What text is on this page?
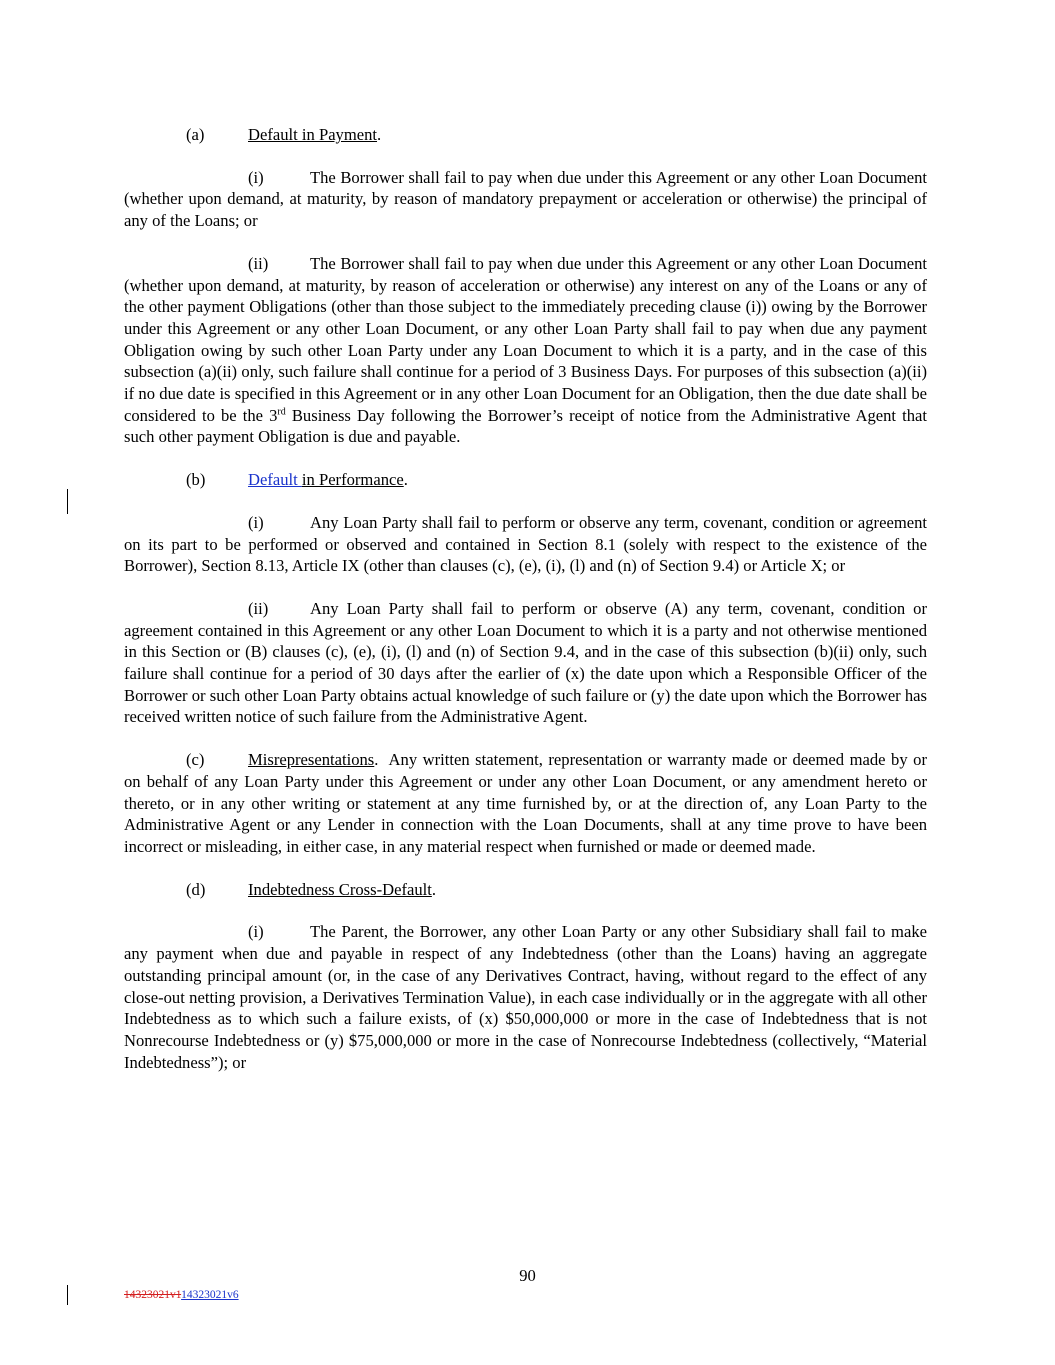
(a)	Default in Payment.

(i)	The Borrower shall fail to pay when due under this Agreement or any other Loan Document (whether upon demand, at maturity, by reason of mandatory prepayment or acceleration or otherwise) the principal of any of the Loans; or

(ii)	The Borrower shall fail to pay when due under this Agreement or any other Loan Document (whether upon demand, at maturity, by reason of acceleration or otherwise) any interest on any of the Loans or any of the other payment Obligations (other than those subject to the immediately preceding clause (i)) owing by the Borrower under this Agreement or any other Loan Document, or any other Loan Party shall fail to pay when due any payment Obligation owing by such other Loan Party under any Loan Document to which it is a party, and in the case of this subsection (a)(ii) only, such failure shall continue for a period of 3 Business Days. For purposes of this subsection (a)(ii) if no due date is specified in this Agreement or in any other Loan Document for an Obligation, then the due date shall be considered to be the 3rd Business Day following the Borrower’s receipt of notice from the Administrative Agent that such other payment Obligation is due and payable.

(b)	Default in Performance.

(i)	Any Loan Party shall fail to perform or observe any term, covenant, condition or agreement on its part to be performed or observed and contained in Section 8.1 (solely with respect to the existence of the Borrower), Section 8.13, Article IX (other than clauses (c), (e), (i), (l) and (n) of Section 9.4) or Article X; or

(ii)	Any Loan Party shall fail to perform or observe (A) any term, covenant, condition or agreement contained in this Agreement or any other Loan Document to which it is a party and not otherwise mentioned in this Section or (B) clauses (c), (e), (i), (l) and (n) of Section 9.4, and in the case of this subsection (b)(ii) only, such failure shall continue for a period of 30 days after the earlier of (x) the date upon which a Responsible Officer of the Borrower or such other Loan Party obtains actual knowledge of such failure or (y) the date upon which the Borrower has received written notice of such failure from the Administrative Agent.

(c)	Misrepresentations.  Any written statement, representation or warranty made or deemed made by or on behalf of any Loan Party under this Agreement or under any other Loan Document, or any amendment hereto or thereto, or in any other writing or statement at any time furnished by, or at the direction of, any Loan Party to the Administrative Agent or any Lender in connection with the Loan Documents, shall at any time prove to have been incorrect or misleading, in either case, in any material respect when furnished or made or deemed made.

(d)	Indebtedness Cross-Default.

(i)	The Parent, the Borrower, any other Loan Party or any other Subsidiary shall fail to make any payment when due and payable in respect of any Indebtedness (other than the Loans) having an aggregate outstanding principal amount (or, in the case of any Derivatives Contract, having, without regard to the effect of any close-out netting provision, a Derivatives Termination Value), in each case individually or in the aggregate with all other Indebtedness as to which such a failure exists, of (x) $50,000,000 or more in the case of Indebtedness that is not Nonrecourse Indebtedness or (y) $75,000,000 or more in the case of Nonrecourse Indebtedness (collectively, “Material Indebtedness”); or

90
14323021v114323021v6
